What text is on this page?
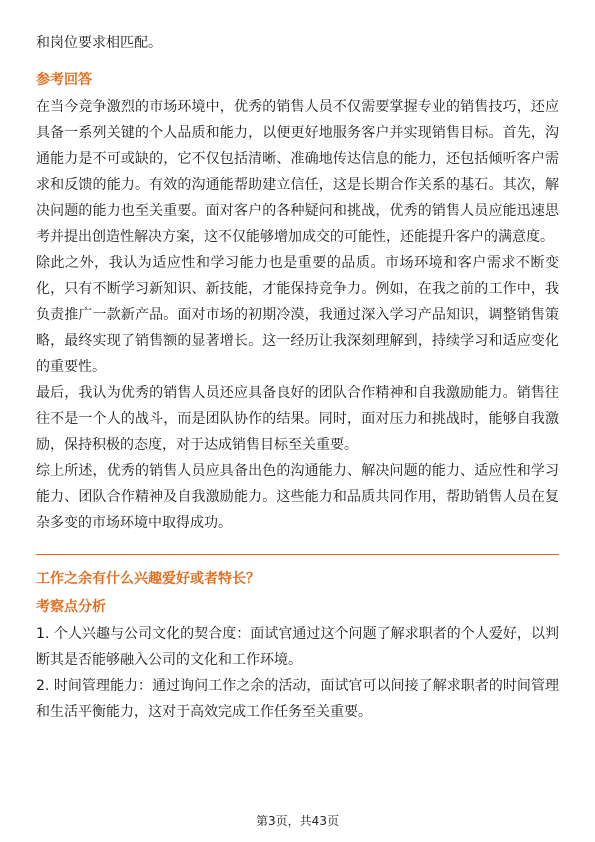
和岗位要求相匹配。

参考回答

在当今竞争激烈的市场环境中，优秀的销售人员不仅需要掌握专业的销售技巧，还应具备一系列关键的个人品质和能力，以便更好地服务客户并实现销售目标。首先，沟通能力是不可或缺的，它不仅包括清晰、准确地传达信息的能力，还包括倾听客户需求和反馈的能力。有效的沟通能帮助建立信任，这是长期合作关系的基石。其次，解决问题的能力也至关重要。面对客户的各种疑问和挑战，优秀的销售人员应能迅速思考并提出创造性解决方案，这不仅能够增加成交的可能性，还能提升客户的满意度。

除此之外，我认为适应性和学习能力也是重要的品质。市场环境和客户需求不断变化，只有不断学习新知识、新技能，才能保持竞争力。例如，在我之前的工作中，我负责推广一款新产品。面对市场的初期冷漠，我通过深入学习产品知识，调整销售策略，最终实现了销售额的显著增长。这一经历让我深刻理解到，持续学习和适应变化的重要性。

最后，我认为优秀的销售人员还应具备良好的团队合作精神和自我激励能力。销售往往不是一个人的战斗，而是团队协作的结果。同时，面对压力和挑战时，能够自我激励，保持积极的态度，对于达成销售目标至关重要。

综上所述，优秀的销售人员应具备出色的沟通能力、解决问题的能力、适应性和学习能力、团队合作精神及自我激励能力。这些能力和品质共同作用，帮助销售人员在复杂多变的市场环境中取得成功。

工作之余有什么兴趣爱好或者特长？

考察点分析

1. 个人兴趣与公司文化的契合度：面试官通过这个问题了解求职者的个人爱好，以判断其是否能够融入公司的文化和工作环境。

2. 时间管理能力：通过询问工作之余的活动，面试官可以间接了解求职者的时间管理和生活平衡能力，这对于高效完成工作任务至关重要。

第3页，共43页
